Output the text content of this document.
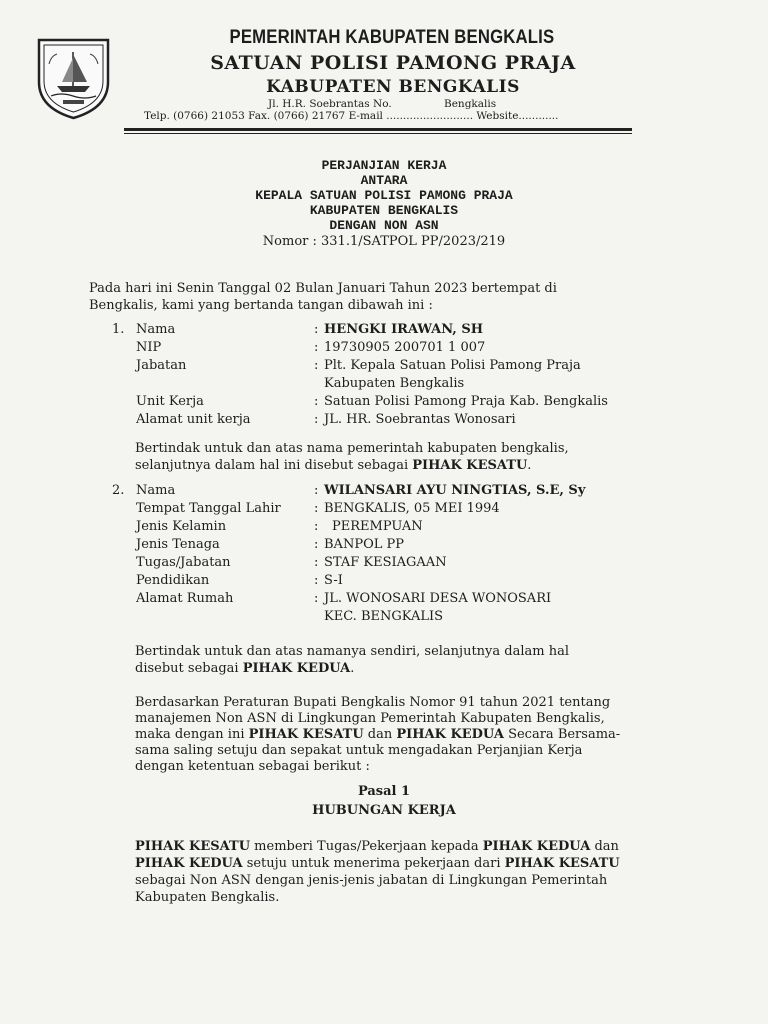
PEMERINTAH KABUPATEN BENGKALIS
SATUAN POLISI PAMONG PRAJA
KABUPATEN BENGKALIS
Jl. H.R. Soebrantas No.	Bengkalis
Telp. (0766) 21053 Fax. (0766) 21767 E-mail .......................... Website............
PERJANJIAN KERJA
ANTARA
KEPALA SATUAN POLISI PAMONG PRAJA
KABUPATEN BENGKALIS
DENGAN NON ASN
Nomor : 331.1/SATPOL PP/2023/219
Pada hari ini Senin Tanggal 02 Bulan Januari Tahun 2023 bertempat di
Bengkalis, kami yang bertanda tangan dibawah ini :
1. Nama	: HENGKI IRAWAN, SH
NIP	: 19730905 200701 1 007
Jabatan	: Plt. Kepala Satuan Polisi Pamong Praja
Kabupaten Bengkalis
Unit Kerja	: Satuan Polisi Pamong Praja Kab. Bengkalis
Alamat unit kerja	: JL. HR. Soebrantas Wonosari
Bertindak untuk dan atas nama pemerintah kabupaten bengkalis,
selanjutnya dalam hal ini disebut sebagai PIHAK KESATU.
2. Nama	: WILANSARI AYU NINGTIAS, S.E, Sy
Tempat Tanggal Lahir	: BENGKALIS, 05 MEI 1994
Jenis Kelamin	: PEREMPUAN
Jenis Tenaga	: BANPOL PP
Tugas/Jabatan	: STAF KESIAGAAN
Pendidikan	: S-I
Alamat Rumah	: JL. WONOSARI DESA WONOSARI
KEC. BENGKALIS
Bertindak untuk dan atas namanya sendiri, selanjutnya dalam hal
disebut sebagai PIHAK KEDUA.
Berdasarkan Peraturan Bupati Bengkalis Nomor 91 tahun 2021 tentang
manajemen Non ASN di Lingkungan Pemerintah Kabupaten Bengkalis,
maka dengan ini PIHAK KESATU dan PIHAK KEDUA Secara Bersama-
sama saling setuju dan sepakat untuk mengadakan Perjanjian Kerja
dengan ketentuan sebagai berikut :
Pasal 1
HUBUNGAN KERJA
PIHAK KESATU memberi Tugas/Pekerjaan kepada PIHAK KEDUA dan
PIHAK KEDUA setuju untuk menerima pekerjaan dari PIHAK KESATU
sebagai Non ASN dengan jenis-jenis jabatan di Lingkungan Pemerintah
Kabupaten Bengkalis.
